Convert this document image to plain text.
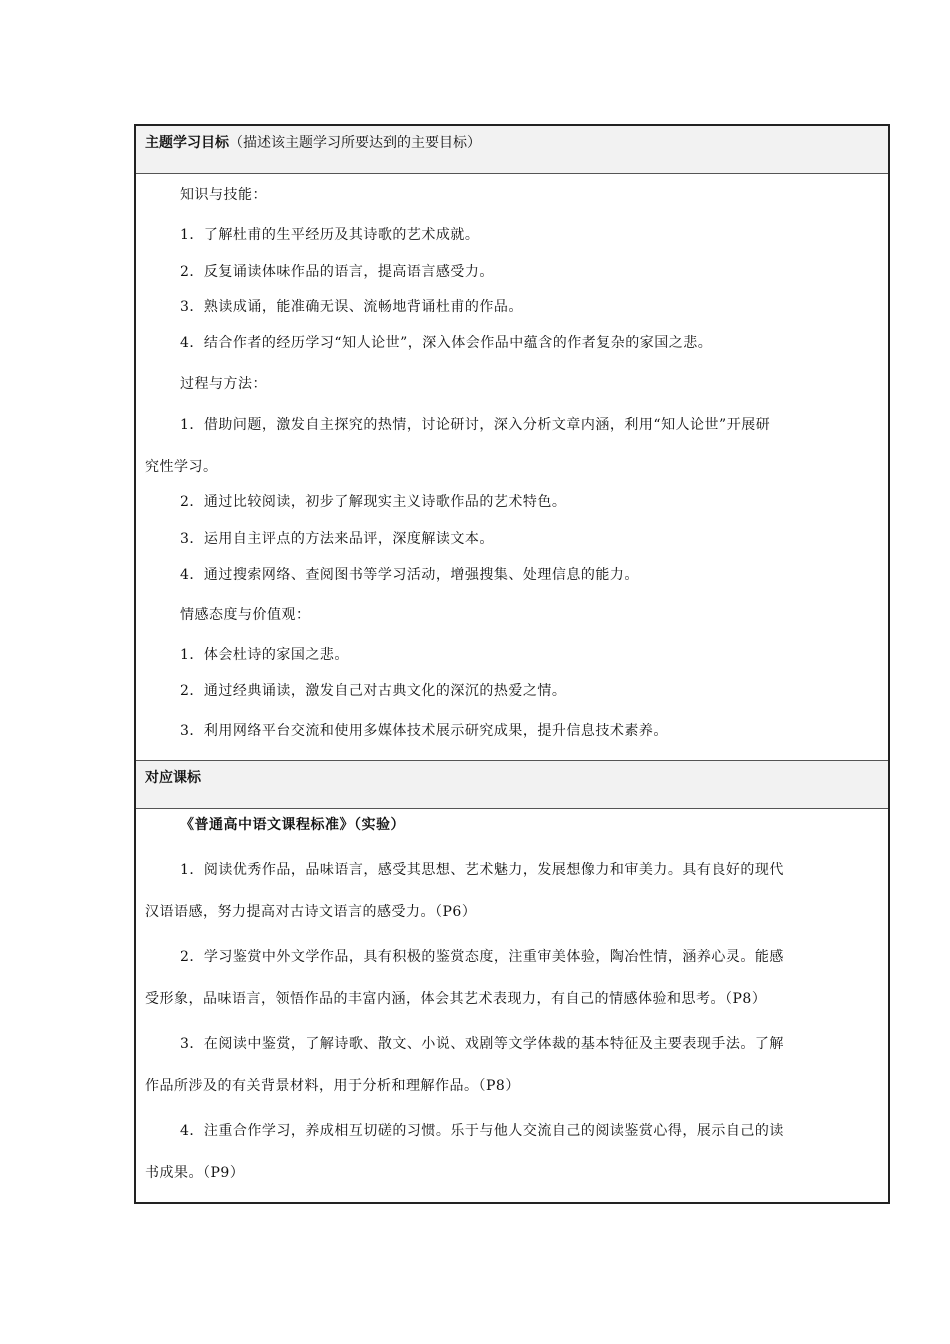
主题学习目标（描述该主题学习所要达到的主要目标）
知识与技能：
1．了解杜甫的生平经历及其诗歌的艺术成就。
2．反复诵读体味作品的语言，提高语言感受力。
3．熟读成诵，能准确无误、流畅地背诵杜甫的作品。
4．结合作者的经历学习“知人论世”，深入体会作品中蕴含的作者复杂的家国之悲。
过程与方法：
1．借助问题，激发自主探究的热情，讨论研讨，深入分析文章内涵，利用“知人论世”开展研
究性学习。
2．通过比较阅读，初步了解现实主义诗歌作品的艺术特色。
3．运用自主评点的方法来品评，深度解读文本。
4．通过搜索网络、查阅图书等学习活动，增强搜集、处理信息的能力。
情感态度与价值观：
1．体会杜诗的家国之悲。
2．通过经典诵读，激发自己对古典文化的深沉的热爱之情。
3．利用网络平台交流和使用多媒体技术展示研究成果，提升信息技术素养。
对应课标
《普通高中语文课程标准》（实验）
1．阅读优秀作品，品味语言，感受其思想、艺术魅力，发展想像力和审美力。具有良好的现代
汉语语感，努力提高对古诗文语言的感受力。（P6）
2．学习鉴赏中外文学作品，具有积极的鉴赏态度，注重审美体验，陶冶性情，涵养心灵。能感
受形象，品味语言，领悟作品的丰富内涵，体会其艺术表现力，有自己的情感体验和思考。（P8）
3．在阅读中鉴赏，了解诗歌、散文、小说、戏剧等文学体裁的基本特征及主要表现手法。了解
作品所涉及的有关背景材料，用于分析和理解作品。（P8）
4．注重合作学习，养成相互切磋的习惯。乐于与他人交流自己的阅读鉴赏心得，展示自己的读
书成果。（P9）
